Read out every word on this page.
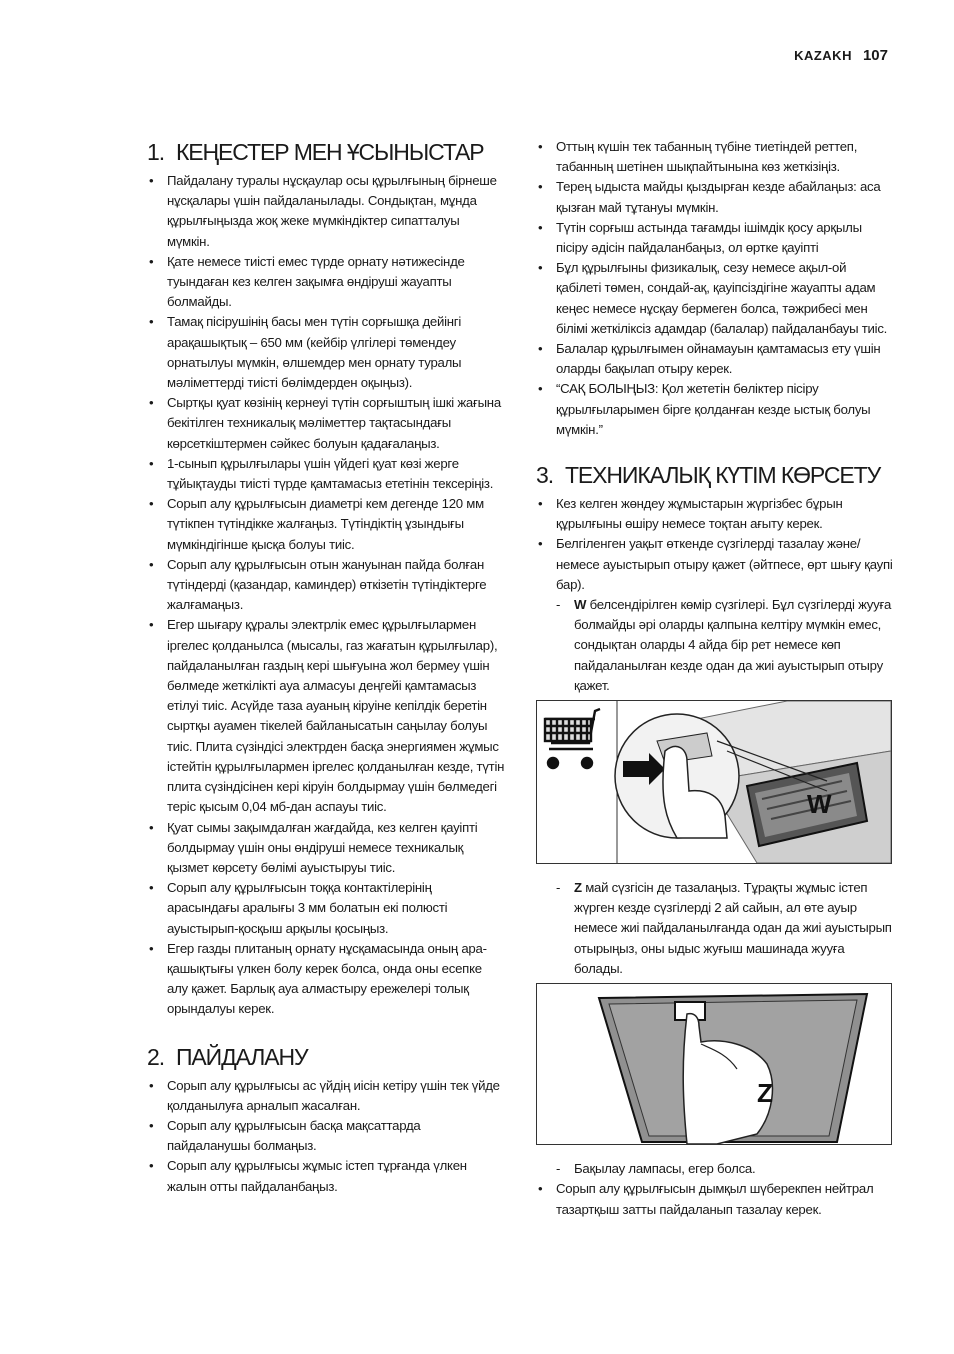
KAZAKH 107
1. КЕҢЕСТЕР МЕН ҰСЫНЫСТАР
• Пайдалану туралы нұсқаулар осы құрылғының бірнеше нұсқалары үшін пайдаланылады. Сондықтан, мұнда құрылғыңызда жоқ жеке мүмкіндіктер сипатталуы мүмкін.
• Қате немесе тиісті емес түрде орнату нәтижесінде туындаған кез келген зақымға өндіруші жауапты болмайды.
• Тамақ пісірушінің басы мен түтін сорғышқа дейінгі арақашықтық – 650 мм (кейбір үлгілері төмендеу орнатылуы мүмкін, өлшемдер мен орнату туралы мәліметтерді тиісті бөлімдерден оқыңыз).
• Сыртқы қуат көзінің кернеуі түтін сорғыштың ішкі жағына бекітілген техникалық мәліметтер тақтасындағы көрсеткіштермен сәйкес болуын қадағалаңыз.
• 1-сынып құрылғылары үшін үйдегі қуат көзі жерге тұйықтауды тиісті түрде қамтамасыз ететінін тексеріңіз.
• Сорып алу құрылғысын диаметрі кем дегенде 120 мм түтікпен түтіндікке жалғаңыз. Түтіндіктің ұзындығы мүмкіндігінше қысқа болуы тиіс.
• Сорып алу құрылғысын отын жануынан пайда болған түтіндерді (қазандар, каминдер) өткізетін түтіндіктерге жалғамаңыз.
• Егер шығару құралы электрлік емес құрылғылармен іргелес қолданылса (мысалы, газ жағатын құрылғылар), пайдаланылған газдың кері шығуына жол бермеу үшін бөлмеде жеткілікті ауа алмасуы деңгейі қамтамасыз етілуі тиіс. Асүйде таза ауаның кіруіне кепілдік беретін сыртқы ауамен тікелей байланысатын саңылау болуы тиіс. Плита сүзіндісі электрден басқа энергиямен жұмыс істейтін құрылғылармен іргелес қолданылған кезде, түтін плита сүзіндісінен кері кіруін болдырмау үшін бөлмедегі теріс қысым 0,04 мб-дан аспауы тиіс.
• Қуат сымы зақымдалған жағдайда, кез келген қауіпті болдырмау үшін оны өндіруші немесе техникалық қызмет көрсету бөлімі ауыстыруы тиіс.
• Сорып алу құрылғысын тоққа контактілерінің арасындағы аралығы 3 мм болатын екі полюсті ауыстырып-қосқыш арқылы қосыңыз.
• Егер газды плитаның орнату нұсқамасында оның ара-қашықтығы үлкен болу керек болса, онда оны есепке алу қажет. Барлық ауа алмастыру ережелері толық орындалуы керек.
2. ПАЙДАЛАНУ
• Сорып алу құрылғысы ас үйдің иісін кетіру үшін тек үйде қолданылуға арналып жасалған.
• Сорып алу құрылғысын басқа мақсаттарда пайдаланушы болмаңыз.
• Сорып алу құрылғысы жұмыс істеп тұрғанда үлкен жалын отты пайдаланбаңыз.
• Оттың күшін тек табанның түбіне тиетіндей реттеп, табанның шетінен шықпайтынына көз жеткізіңіз.
• Терең ыдыста майды қыздырған кезде абайлаңыз: аса қызған май тұтануы мүмкін.
• Түтін сорғыш астында тағамды ішімдік қосу арқылы пісіру әдісін пайдаланбаңыз, ол өртке қауіпті
• Бұл құрылғыны физикалық, сезу немесе ақыл-ой қабілеті төмен, сондай-ақ, қауіпсіздігіне жауапты адам кеңес немесе нұсқау бермеген болса, тәжрибесі мен білімі жеткіліксіз адамдар (балалар) пайдаланбауы тиіс.
• Балалар құрылғымен ойнамауын қамтамасыз ету үшін оларды бақылап отыру керек.
• “САҚ БОЛЫҢЫЗ: Қол жететін бөліктер пісіру құрылғыларымен бірге қолданған кезде ыстық болуы мүмкін.”
3. ТЕХНИКАЛЫҚ КҮТІМ КӨРСЕТУ
• Кез келген жөндеу жұмыстарын жүргізбес бұрын құрылғыны өшіру немесе тоқтан ағыту керек.
• Белгіленген уақыт өткенде сүзгілерді тазалау және/немесе ауыстырып отыру қажет (әйтпесе, өрт шығу қаупі бар).
- W белсендірілген көмір сүзгілері. Бұл сүзгілерді жууға болмайды әрі оларды қалпына келтіру мүмкін емес, сондықтан оларды 4 айда бір рет немесе көп пайдаланылған кезде одан да жиі ауыстырып отыру қажет.
W
- Z май сүзгісін де тазалаңыз. Тұрақты жұмыс істеп жүрген кезде сүзгілерді 2 ай сайын, ал өте ауыр немесе жиі пайдаланылғанда одан да жиі ауыстырып отырыңыз, оны ыдыс жуғыш машинада жууға болады.
Z
- Бақылау лампасы, егер болса.
• Сорып алу құрылғысын дымқыл шүберекпен нейтрал тазартқыш затты пайдаланып тазалау керек.
